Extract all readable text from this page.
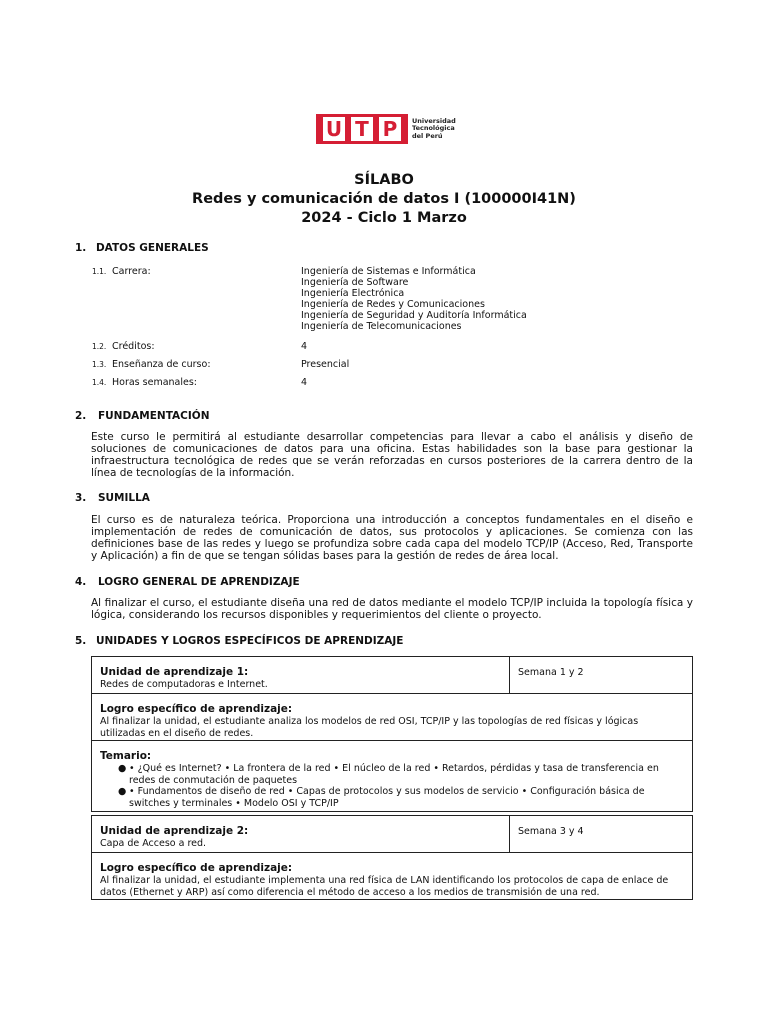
U T P	Universidad
Tecnológica
del Perú
SÍLABO
Redes y comunicación de datos I (100000I41N)
2024 - Ciclo 1 Marzo
1. DATOS GENERALES
1.1. Carrera:	Ingeniería de Sistemas e Informática
Ingeniería de Software
Ingeniería Electrónica
Ingeniería de Redes y Comunicaciones
Ingeniería de Seguridad y Auditoría Informática
Ingeniería de Telecomunicaciones
1.2. Créditos:	4
1.3. Enseñanza de curso:	Presencial
1.4. Horas semanales:	4
2. FUNDAMENTACIÓN
Este curso le permitirá al estudiante desarrollar competencias para llevar a cabo el análisis y diseño de soluciones de comunicaciones de datos para una oficina. Estas habilidades son la base para gestionar la infraestructura tecnológica de redes que se verán reforzadas en cursos posteriores de la carrera dentro de la línea de tecnologías de la información.
3. SUMILLA
El curso es de naturaleza teórica. Proporciona una introducción a conceptos fundamentales en el diseño e implementación de redes de comunicación de datos, sus protocolos y aplicaciones. Se comienza con las definiciones base de las redes y luego se profundiza sobre cada capa del modelo TCP/IP (Acceso, Red, Transporte y Aplicación) a fin de que se tengan sólidas bases para la gestión de redes de área local.
4. LOGRO GENERAL DE APRENDIZAJE
Al finalizar el curso, el estudiante diseña una red de datos mediante el modelo TCP/IP incluida la topología física y lógica, considerando los recursos disponibles y requerimientos del cliente o proyecto.
5. UNIDADES Y LOGROS ESPECÍFICOS DE APRENDIZAJE
Unidad de aprendizaje 1:
Redes de computadoras e Internet.
Semana 1 y 2
Logro específico de aprendizaje:
Al finalizar la unidad, el estudiante analiza los modelos de red OSI, TCP/IP y las topologías de red físicas y lógicas utilizadas en el diseño de redes.
Temario:
● • ¿Qué es Internet? • La frontera de la red • El núcleo de la red • Retardos, pérdidas y tasa de transferencia en redes de conmutación de paquetes
● • Fundamentos de diseño de red • Capas de protocolos y sus modelos de servicio • Configuración básica de switches y terminales • Modelo OSI y TCP/IP
Unidad de aprendizaje 2:
Capa de Acceso a red.
Semana 3 y 4
Logro específico de aprendizaje:
Al finalizar la unidad, el estudiante implementa una red física de LAN identificando los protocolos de capa de enlace de datos (Ethernet y ARP) así como diferencia el método de acceso a los medios de transmisión de una red.
